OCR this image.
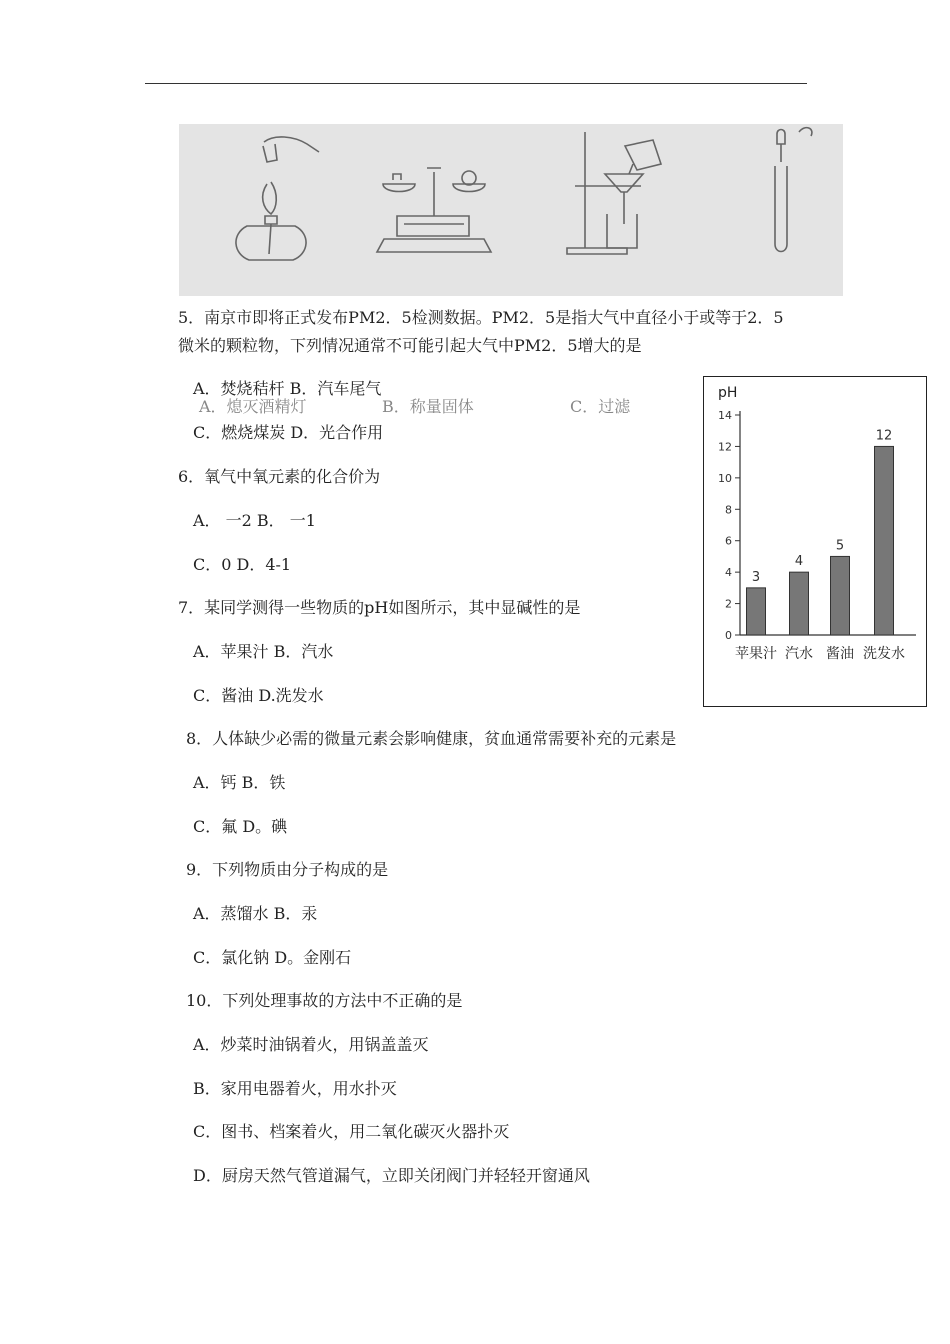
A．熄灭酒精灯	B．称量固体	C．过滤
5．南京市即将正式发布PM2．5检测数据。PM2．5是指大气中直径小于或等于2．5
微米的颗粒物，下列情况通常不可能引起大气中PM2．5增大的是
A．焚烧秸杆 B．汽车尾气
C．燃烧煤炭 D．光合作用
6．氧气中氧元素的化合价为
A． 一2 B． 一1
C．0 D．4-1
7．某同学测得一些物质的pH如图所示，其中显碱性的是
A．苹果汁 B．汽水
C．酱油 D.洗发水
8．人体缺少必需的微量元素会影响健康，贫血通常需要补充的元素是
A．钙 B．铁
C．氟 D。碘
9．下列物质由分子构成的是
A．蒸馏水 B．汞
C．氯化钠 D。金刚石
10．下列处理事故的方法中不正确的是
A．炒菜时油锅着火，用锅盖盖灭
B．家用电器着火，用水扑灭
C．图书、档案着火，用二氧化碳灭火器扑灭
D．厨房天然气管道漏气，立即关闭阀门并轻轻开窗通风
pH
0
2
4
6
8
10
12
14
3
苹果汁
4
汽水
5
酱油
12
洗发水
